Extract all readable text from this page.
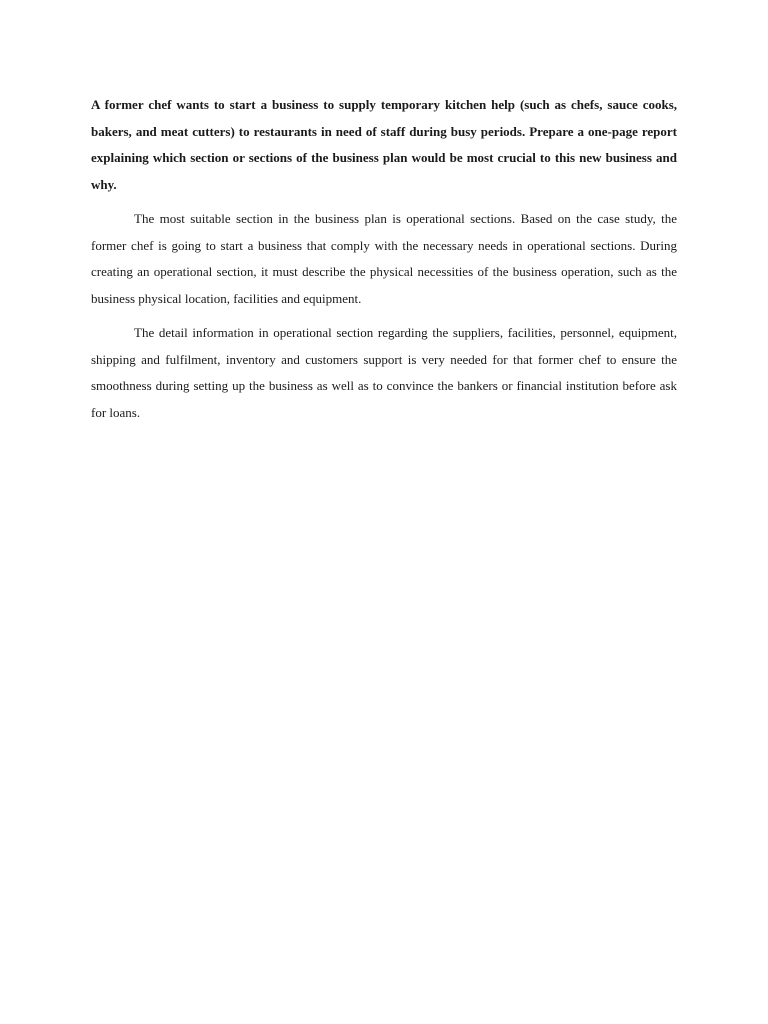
A former chef wants to start a business to supply temporary kitchen help (such as chefs, sauce cooks, bakers, and meat cutters) to restaurants in need of staff during busy periods. Prepare a one-page report explaining which section or sections of the business plan would be most crucial to this new business and why.

The most suitable section in the business plan is operational sections. Based on the case study, the former chef is going to start a business that comply with the necessary needs in operational sections. During creating an operational section, it must describe the physical necessities of the business operation, such as the business physical location, facilities and equipment.

The detail information in operational section regarding the suppliers, facilities, personnel, equipment, shipping and fulfilment, inventory and customers support is very needed for that former chef to ensure the smoothness during setting up the business as well as to convince the bankers or financial institution before ask for loans.
